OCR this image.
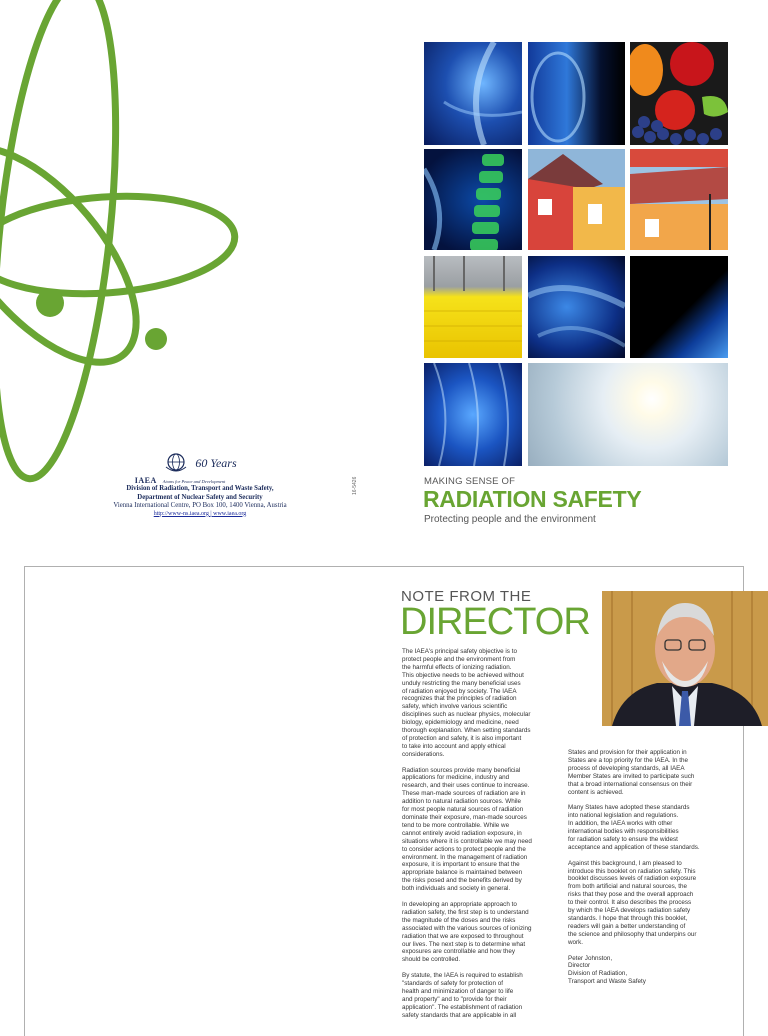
60 Years
IAEA Atoms for Peace and Development
Division of Radiation, Transport and Waste Safety,
Department of Nuclear Safety and Security
Vienna International Centre, PO Box 100, 1400 Vienna, Austria
http://www-ns.iaea.org | www.iaea.org
16-5426	MAKING SENSE OF
RADIATION SAFETY
Protecting people and the environment
NOTE FROM THE
DIRECTOR

The IAEA's principal safety objective is to
protect people and the environment from
the harmful effects of ionizing radiation.
This objective needs to be achieved without
unduly restricting the many beneficial uses
of radiation enjoyed by society. The IAEA
recognizes that the principles of radiation
safety, which involve various scientific
disciplines such as nuclear physics, molecular
biology, epidemiology and medicine, need
thorough explanation. When setting standards
of protection and safety, it is also important
to take into account and apply ethical
considerations.

Radiation sources provide many beneficial
applications for medicine, industry and
research, and their uses continue to increase.
These man-made sources of radiation are in
addition to natural radiation sources. While
for most people natural sources of radiation
dominate their exposure, man-made sources
tend to be more controllable. While we
cannot entirely avoid radiation exposure, in
situations where it is controllable we may need
to consider actions to protect people and the
environment. In the management of radiation
exposure, it is important to ensure that the
appropriate balance is maintained between
the risks posed and the benefits derived by
both individuals and society in general.

In developing an appropriate approach to
radiation safety, the first step is to understand
the magnitude of the doses and the risks
associated with the various sources of ionizing
radiation that we are exposed to throughout
our lives. The next step is to determine what
exposures are controllable and how they
should be controlled.

By statute, the IAEA is required to establish
"standards of safety for protection of
health and minimization of danger to life
and property" and to "provide for their
application". The establishment of radiation
safety standards that are applicable in all

States and provision for their application in
States are a top priority for the IAEA. In the
process of developing standards, all IAEA
Member States are invited to participate such
that a broad international consensus on their
content is achieved.

Many States have adopted these standards
into national legislation and regulations.
In addition, the IAEA works with other
international bodies with responsibilities
for radiation safety to ensure the widest
acceptance and application of these standards.

Against this background, I am pleased to
introduce this booklet on radiation safety. This
booklet discusses levels of radiation exposure
from both artificial and natural sources, the
risks that they pose and the overall approach
to their control. It also describes the process
by which the IAEA develops radiation safety
standards. I hope that through this booklet,
readers will gain a better understanding of
the science and philosophy that underpins our
work.

Peter Johnston,
Director
Division of Radiation,
Transport and Waste Safety
